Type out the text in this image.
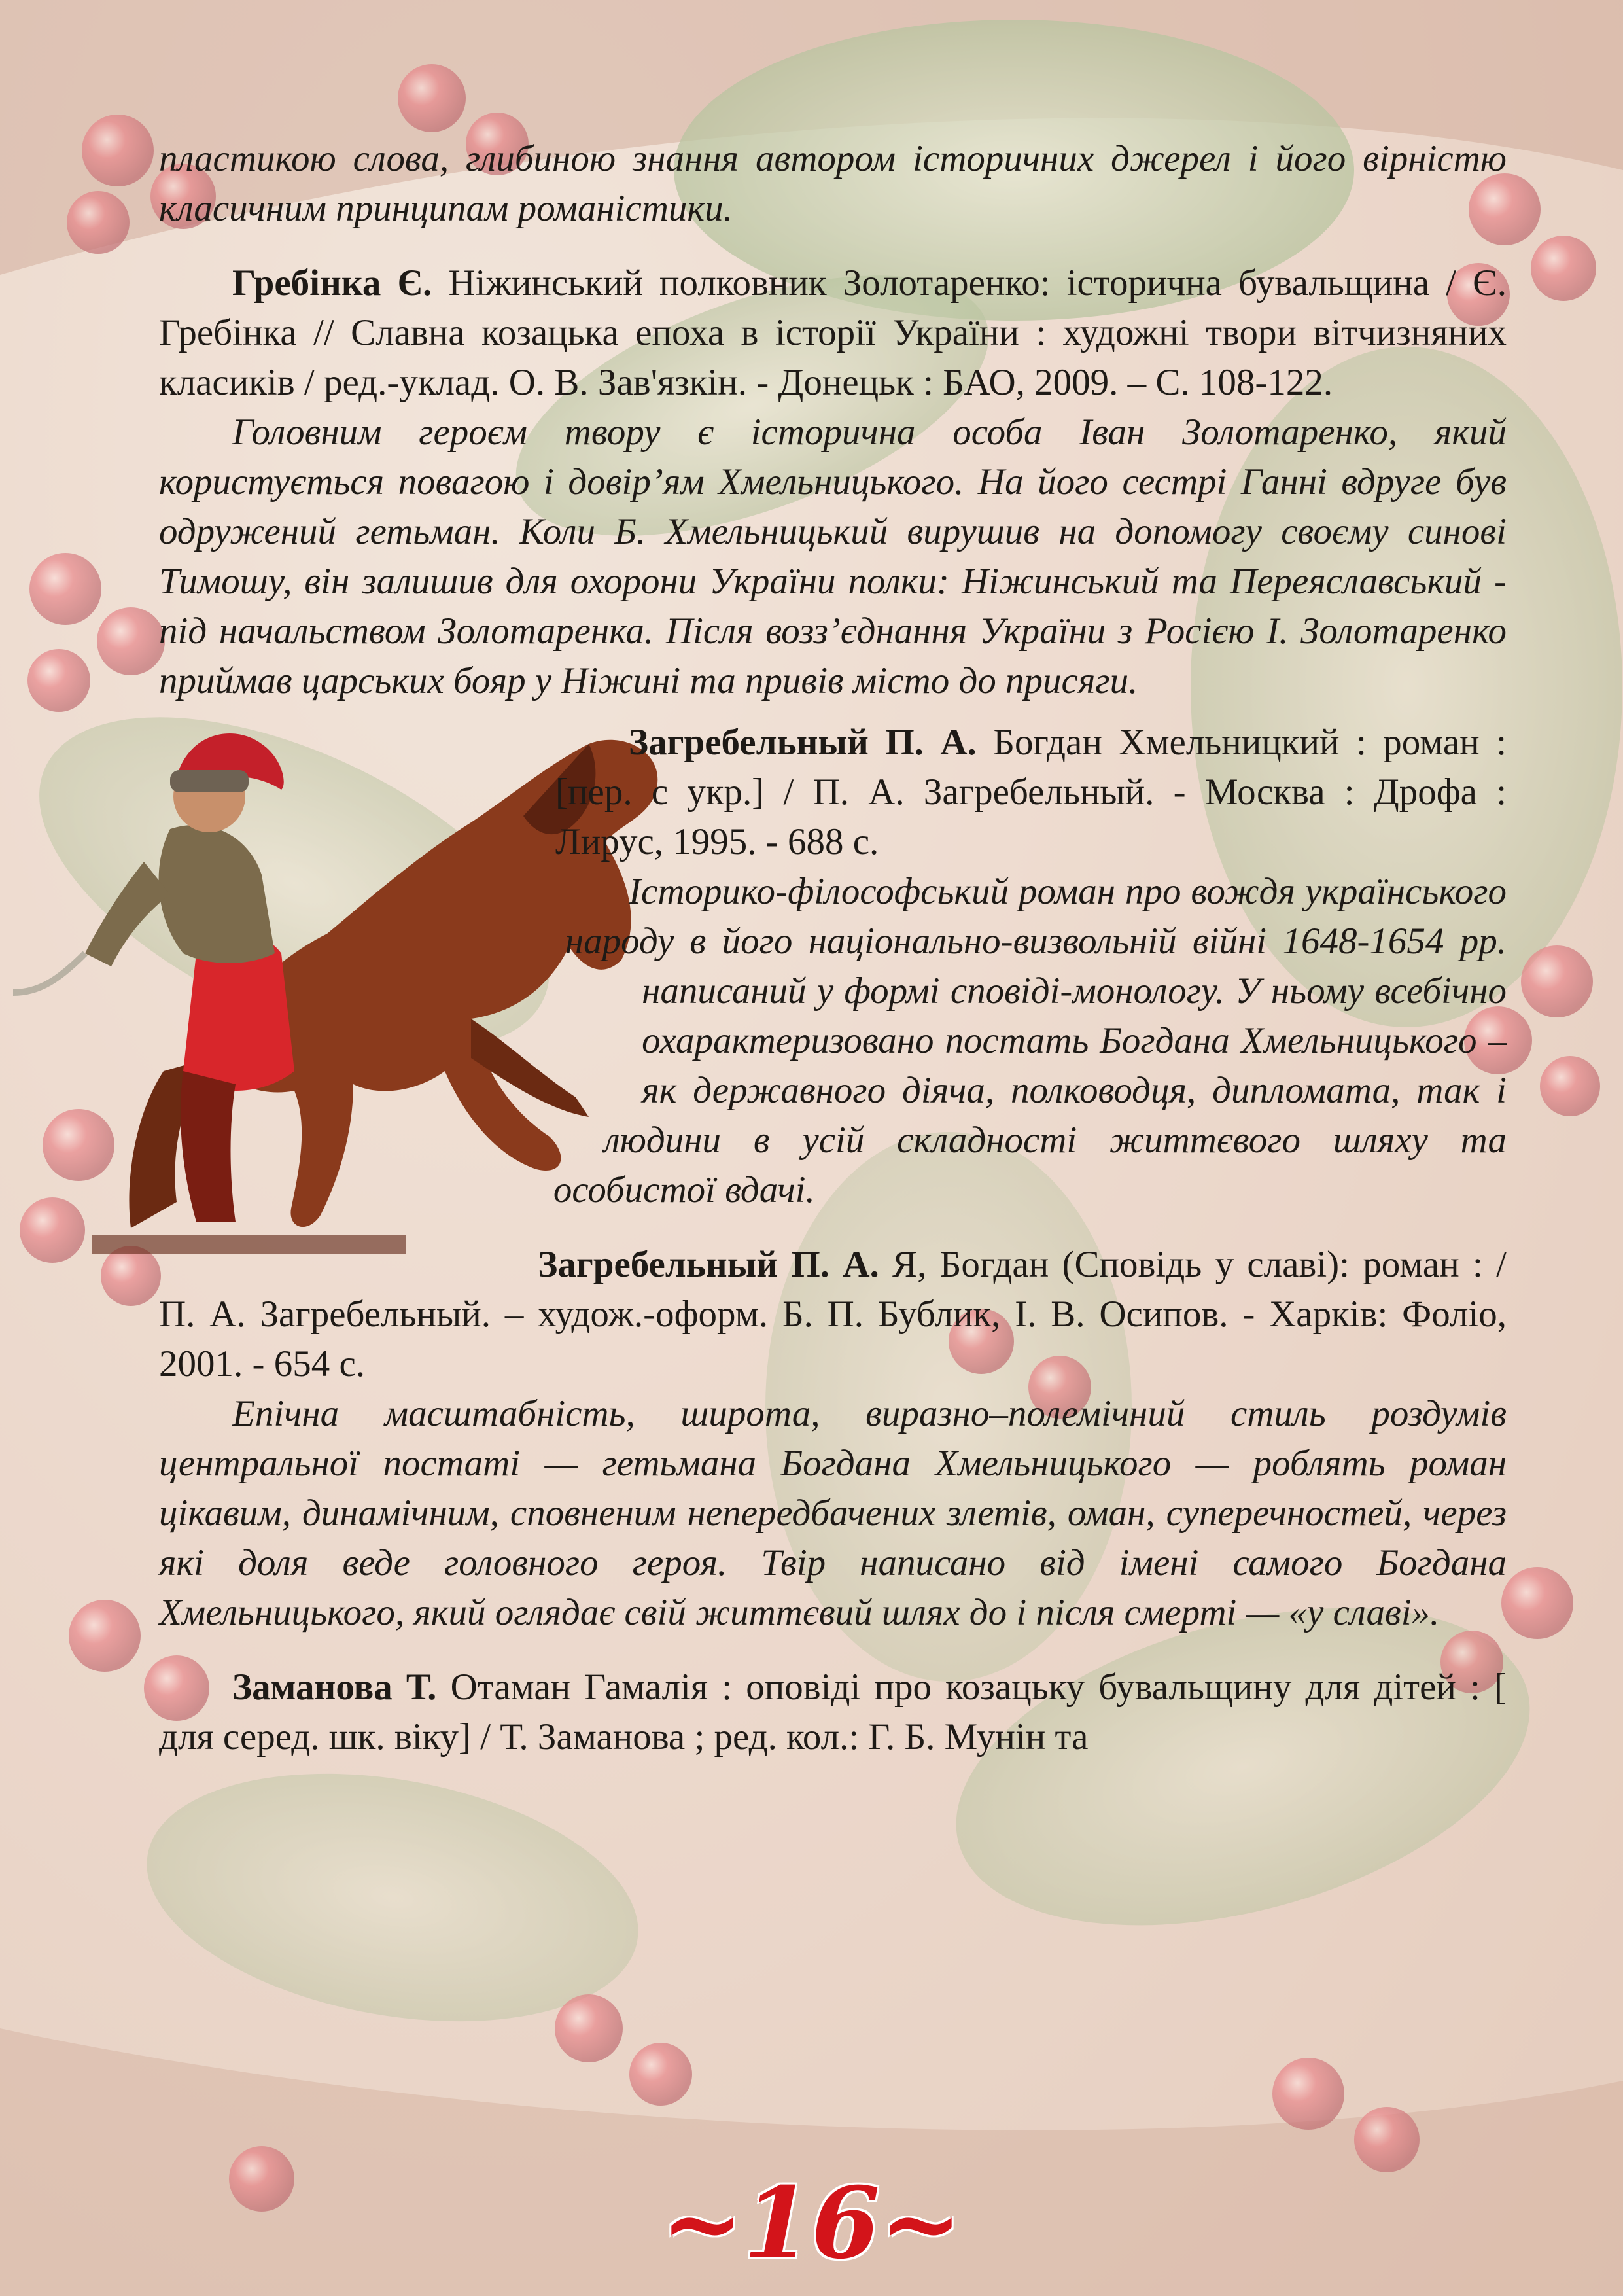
пластикою слова, глибиною знання автором історичних джерел і його вірністю класичним принципам романістики.

Гребінка Є. Ніжинський полковник Золотаренко: історична бувальщина / Є. Гребінка // Славна козацька епоха в історії України : художні твори вітчизняних класиків / ред.-уклад. О. В. Зав'язкін. - Донецьк : БАО, 2009. – С. 108-122.

Головним героєм твору є історична особа Іван Золотаренко, який користується повагою і довір’ям Хмельницького. На його сестрі Ганні вдруге був одружений гетьман. Коли Б. Хмельницький вирушив на допомогу своєму синові Тимошу, він залишив для охорони України полки: Ніжинський та Переяславський - під начальством Золотаренка. Після возз’єднання України з Росією І. Золотаренко приймав царських бояр у Ніжині та привів місто до присяги.

Загребельный П. А. Богдан Хмельницкий : роман : [пер. с укр.] / П. А. Загребельный. - Москва : Дрофа : Лирус, 1995. - 688 с.

Історико-філософський роман про вождя українського народу в його національно-визвольній війні 1648-1654 рр. написаний у формі сповіді-монологу. У ньому всебічно охарактеризовано постать Богдана Хмельницького – як державного діяча, полководця, дипломата, так і людини в усій складності життєвого шляху та особистої вдачі.

Загребельный П. А. Я, Богдан (Сповідь у славі): роман : / П. А. Загребельный. – худож.-оформ. Б. П. Бублик, І. В. Осипов. - Харків: Фоліо, 2001. - 654 с.

Епічна масштабність, широта, виразно–полемічний стиль роздумів центральної постаті — гетьмана Богдана Хмельницького — роблять роман цікавим, динамічним, сповненим непередбачених злетів, оман, суперечностей, через які доля веде головного героя. Твір написано від імені самого Богдана Хмельницького, який оглядає свій життєвий шлях до і після смерті — «у славі».

Заманова Т. Отаман Гамалія : оповіді про козацьку бувальщину для дітей : [ для серед. шк. віку] / Т. Заманова ; ред. кол.: Г. Б. Мунін та

~16~
